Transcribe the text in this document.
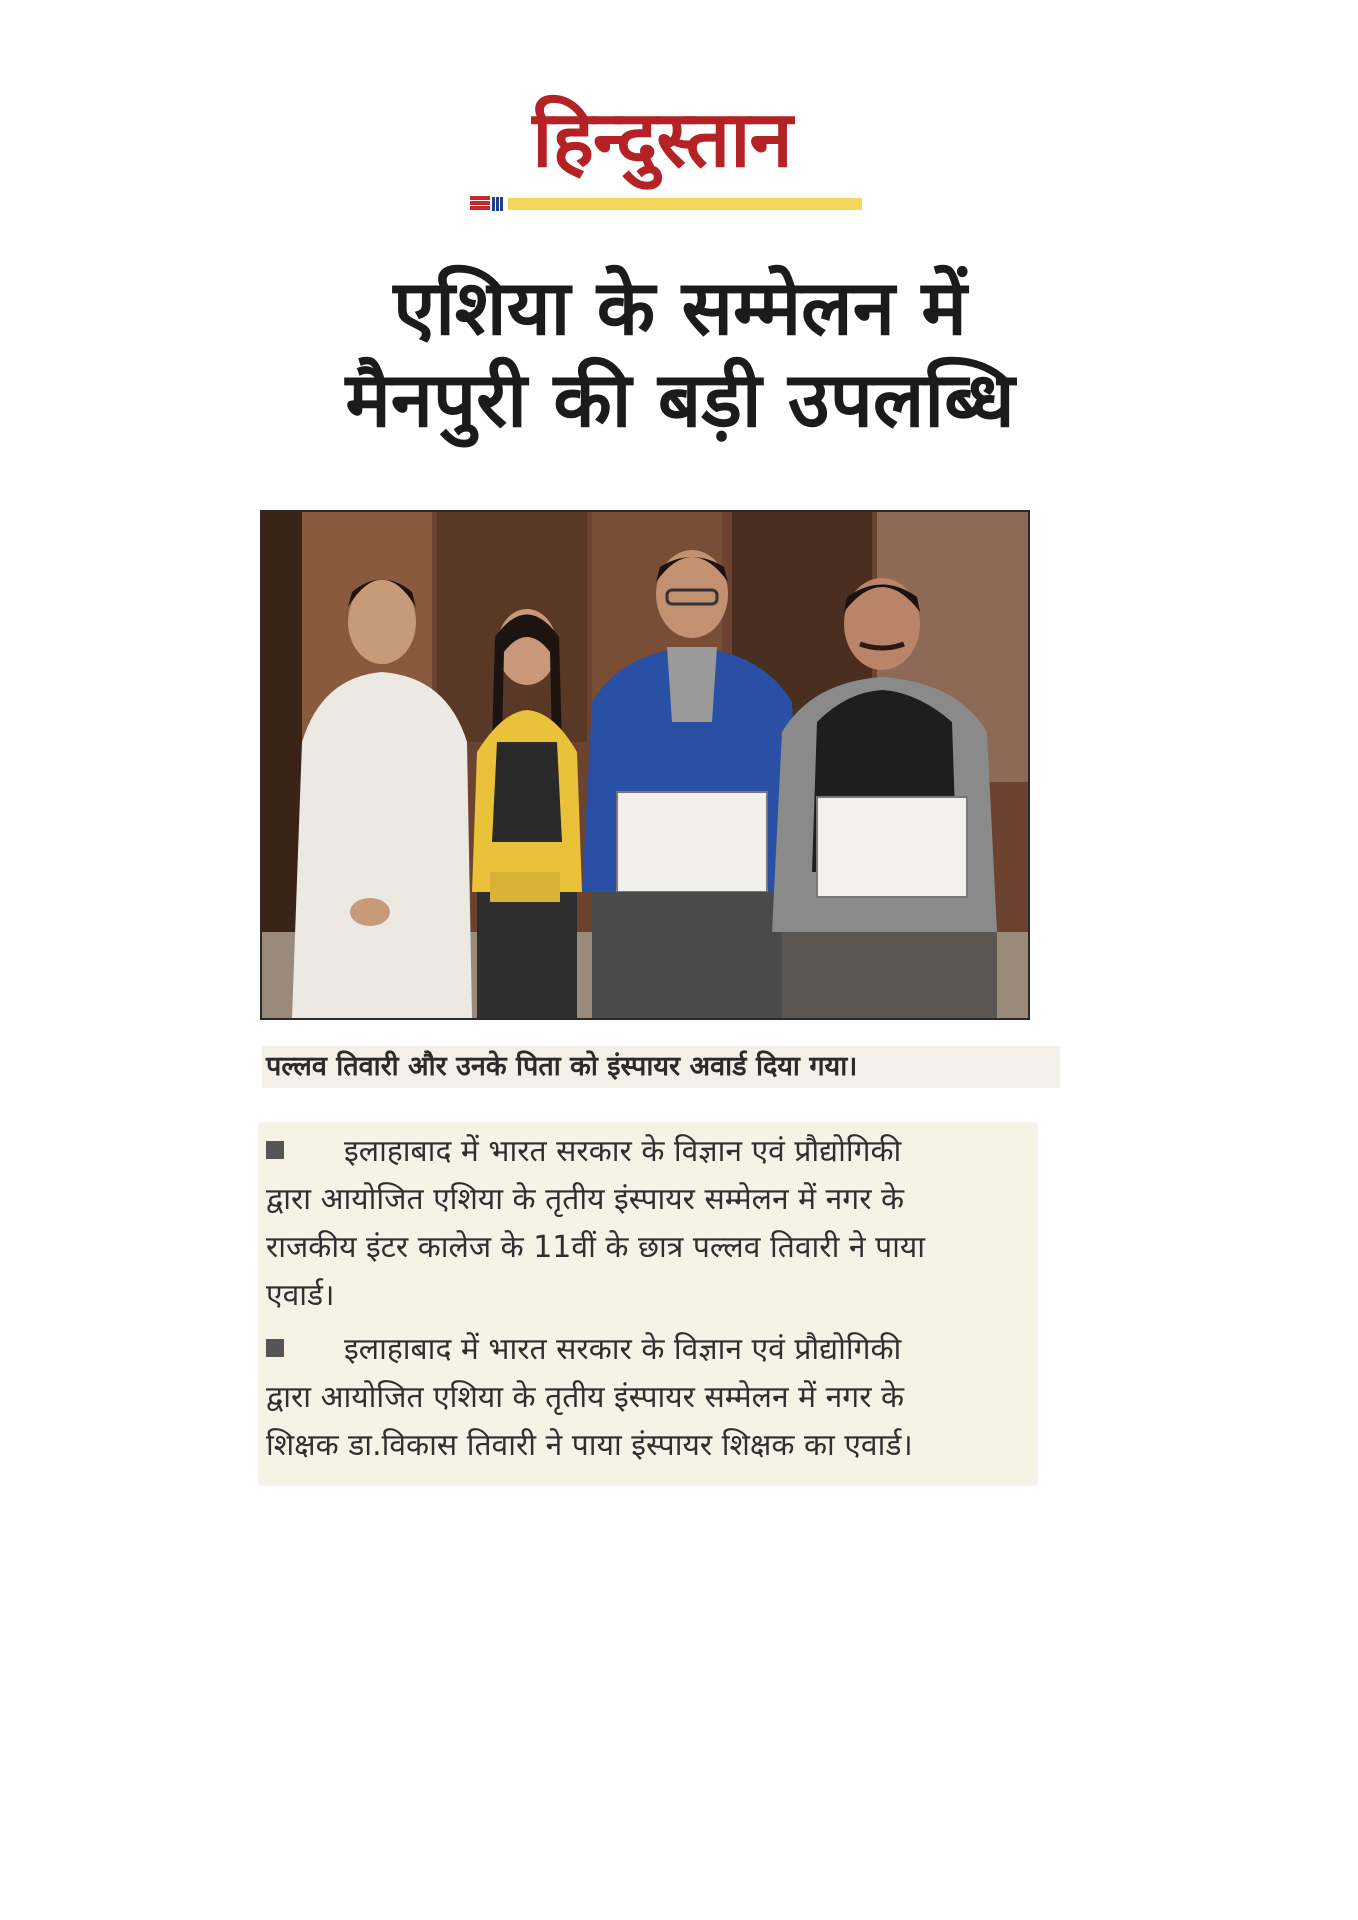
हिन्दुस्तान
एशिया के सम्मेलन में
मैनपुरी की बड़ी उपलब्धि
पल्लव तिवारी और उनके पिता को इंस्पायर अवार्ड दिया गया।
इलाहाबाद में भारत सरकार के विज्ञान एवं प्रौद्योगिकी
द्वारा आयोजित एशिया के तृतीय इंस्पायर सम्मेलन में नगर के
राजकीय इंटर कालेज के 11वीं के छात्र पल्लव तिवारी ने पाया
एवार्ड।
इलाहाबाद में भारत सरकार के विज्ञान एवं प्रौद्योगिकी
द्वारा आयोजित एशिया के तृतीय इंस्पायर सम्मेलन में नगर के
शिक्षक डा.विकास तिवारी ने पाया इंस्पायर शिक्षक का एवार्ड।
